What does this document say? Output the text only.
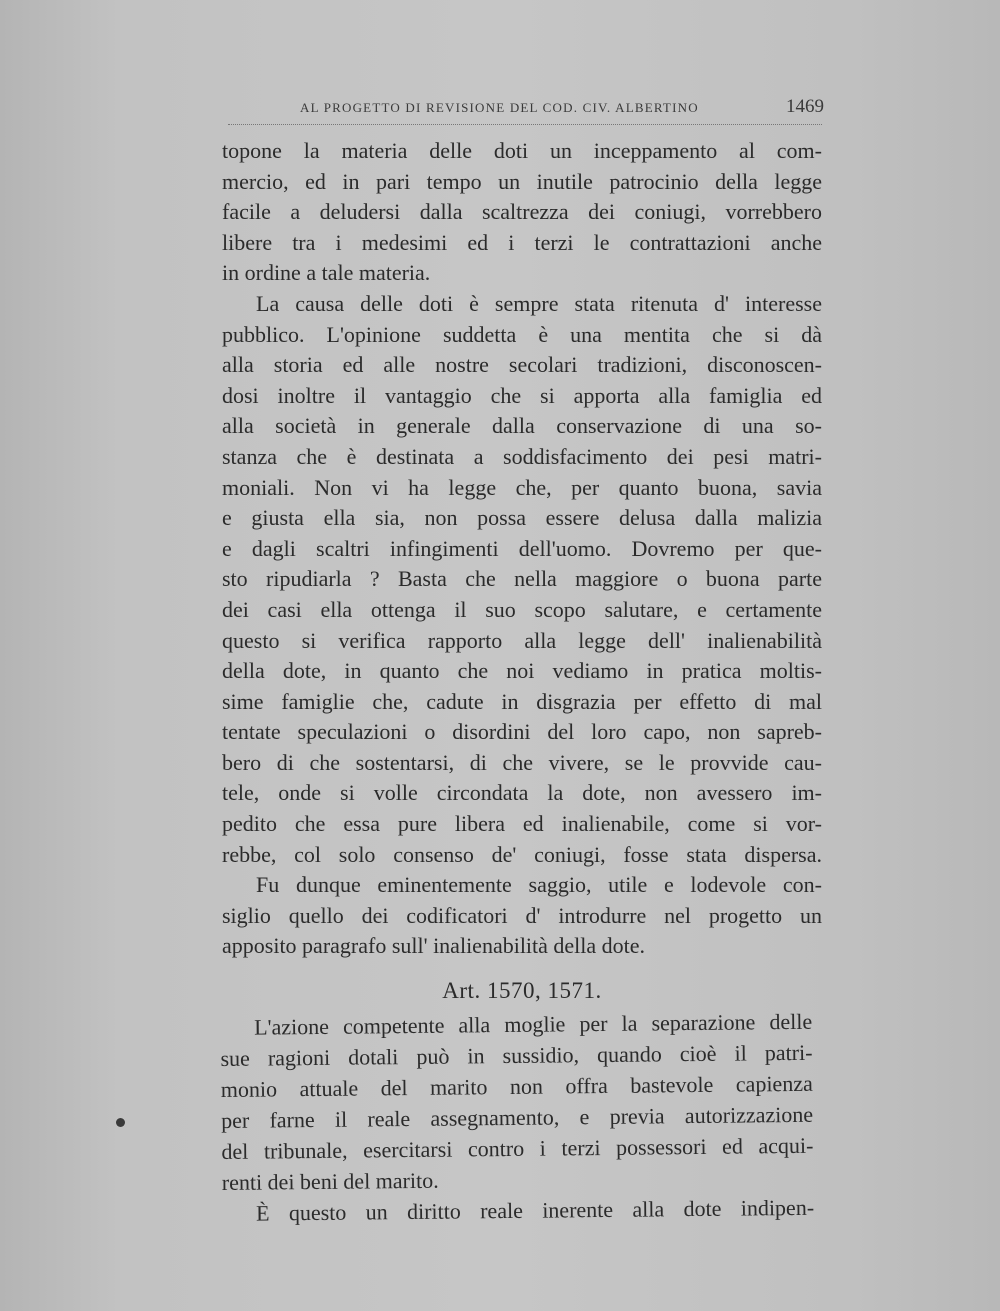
AL PROGETTO DI REVISIONE DEL COD. CIV. ALBERTINO	1469
topone la materia delle doti un inceppamento al com-
mercio, ed in pari tempo un inutile patrocinio della legge
facile a deludersi dalla scaltrezza dei coniugi, vorrebbero
libere tra i medesimi ed i terzi le contrattazioni anche
in ordine a tale materia.
La causa delle doti è sempre stata ritenuta d' interesse
pubblico. L'opinione suddetta è una mentita che si dà
alla storia ed alle nostre secolari tradizioni, disconoscen-
dosi inoltre il vantaggio che si apporta alla famiglia ed
alla società in generale dalla conservazione di una so-
stanza che è destinata a soddisfacimento dei pesi matri-
moniali. Non vi ha legge che, per quanto buona, savia
e giusta ella sia, non possa essere delusa dalla malizia
e dagli scaltri infingimenti dell'uomo. Dovremo per que-
sto ripudiarla ? Basta che nella maggiore o buona parte
dei casi ella ottenga il suo scopo salutare, e certamente
questo si verifica rapporto alla legge dell' inalienabilità
della dote, in quanto che noi vediamo in pratica moltis-
sime famiglie che, cadute in disgrazia per effetto di mal
tentate speculazioni o disordini del loro capo, non sapreb-
bero di che sostentarsi, di che vivere, se le provvide cau-
tele, onde si volle circondata la dote, non avessero im-
pedito che essa pure libera ed inalienabile, come si vor-
rebbe, col solo consenso de' coniugi, fosse stata dispersa.
Fu dunque eminentemente saggio, utile e lodevole con-
siglio quello dei codificatori d' introdurre nel progetto un
apposito paragrafo sull' inalienabilità della dote.
Art. 1570, 1571.
L'azione competente alla moglie per la separazione delle
sue ragioni dotali può in sussidio, quando cioè il patri-
monio attuale del marito non offra bastevole capienza
per farne il reale assegnamento, e previa autorizzazione
del tribunale, esercitarsi contro i terzi possessori ed acqui-
renti dei beni del marito.
È questo un diritto reale inerente alla dote indipen-
